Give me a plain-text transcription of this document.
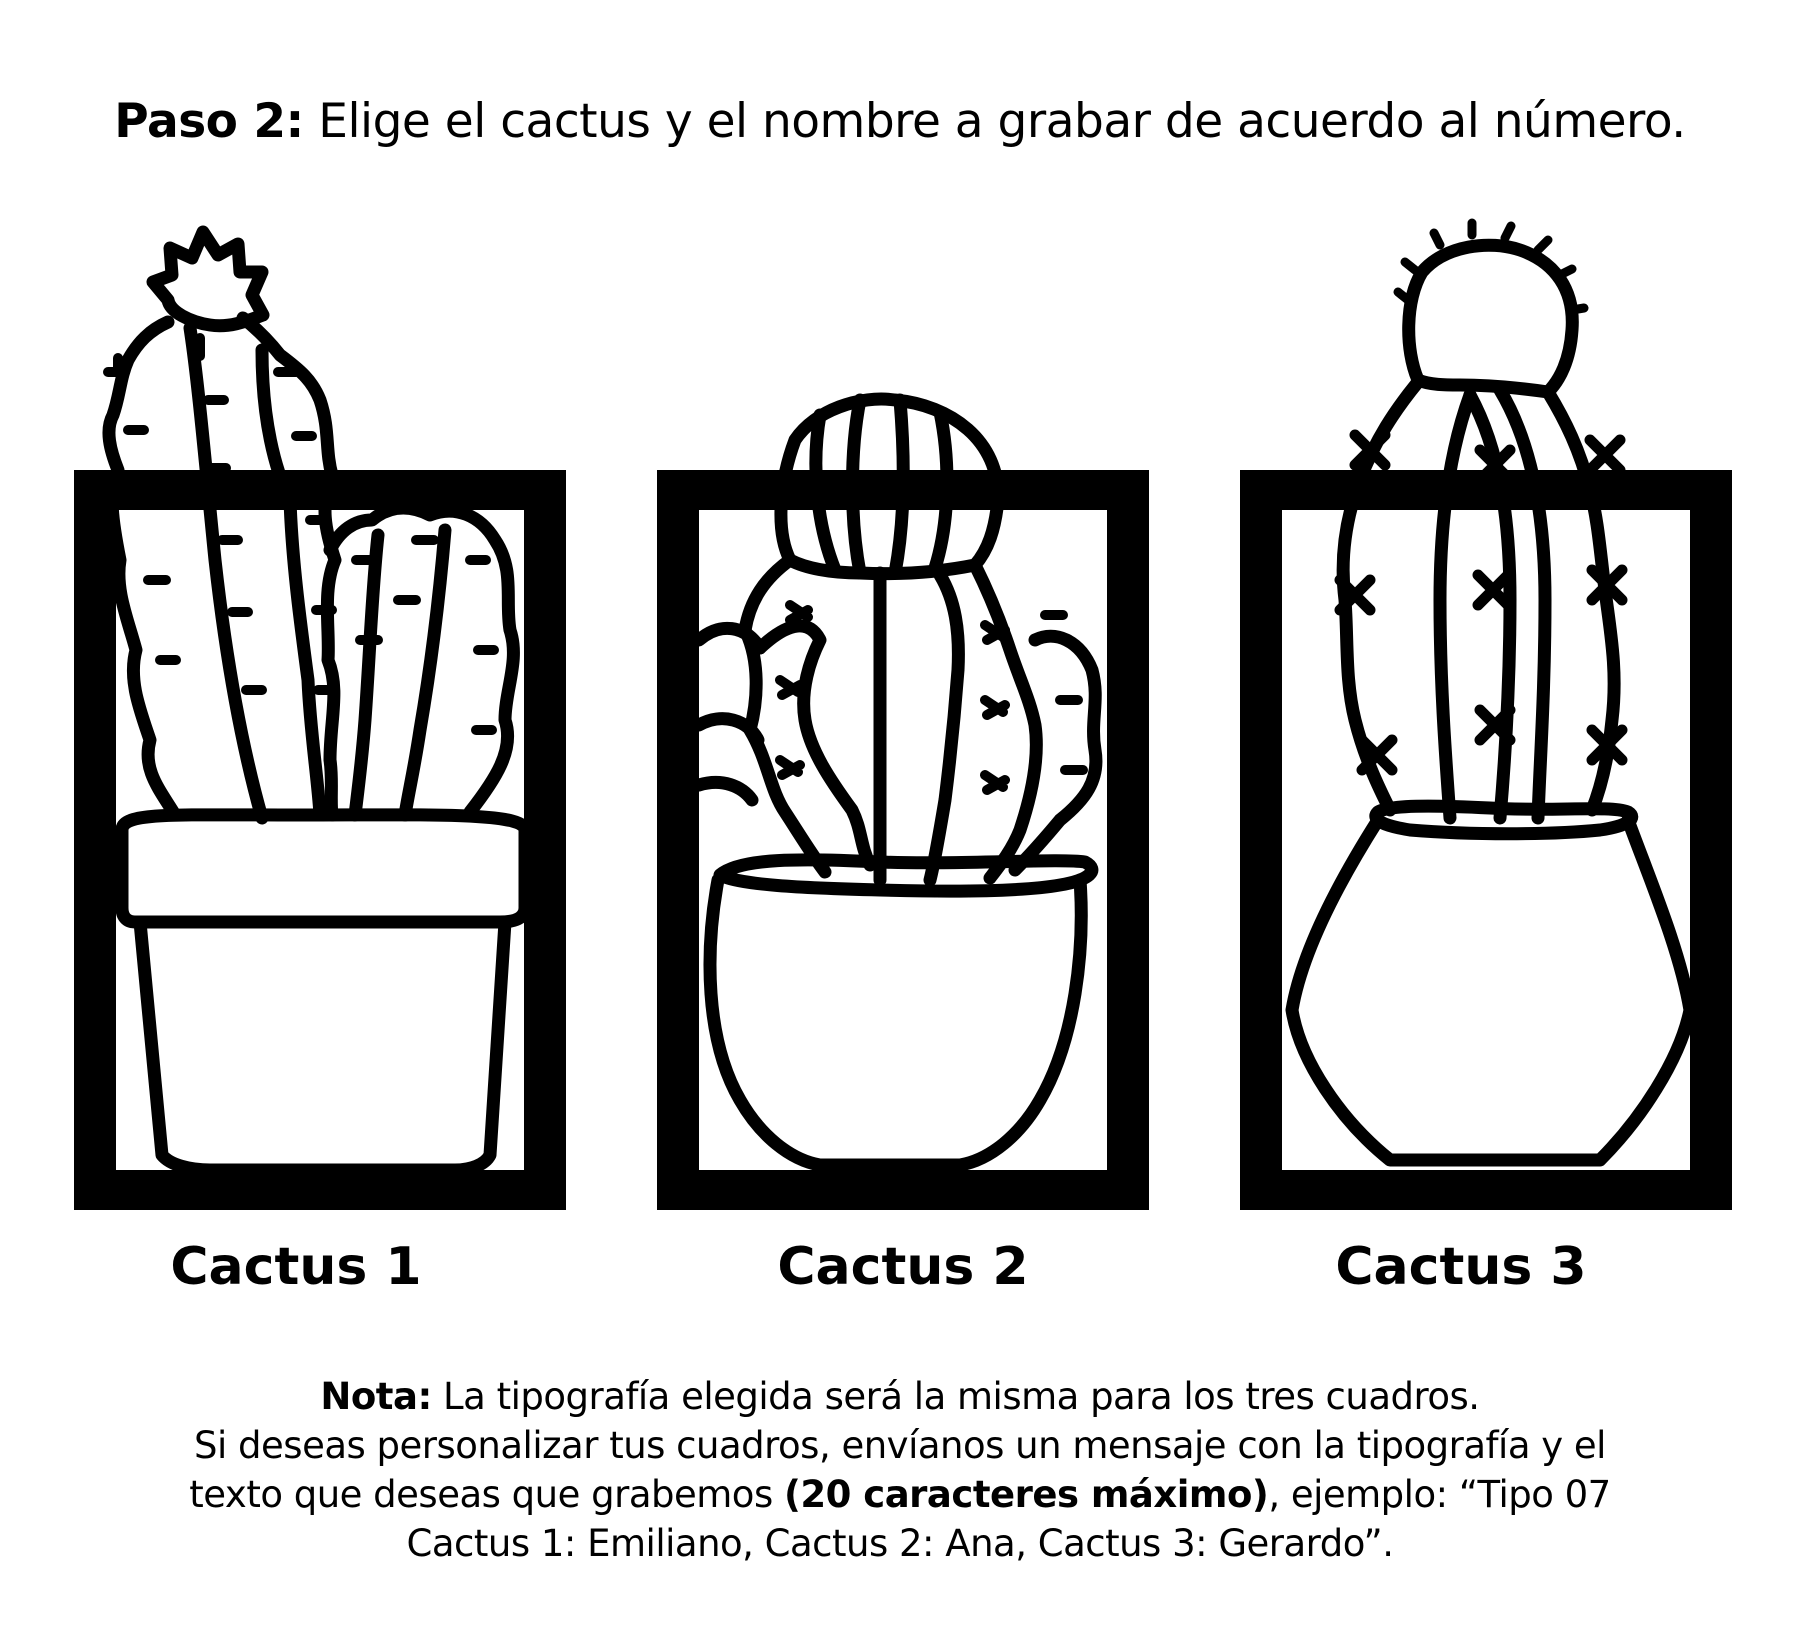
Paso 2: Elige el cactus y el nombre a grabar de acuerdo al número.
Cactus 1	Cactus 2	Cactus 3
Nota: La tipografía elegida será la misma para los tres cuadros.
Si deseas personalizar tus cuadros, envíanos un mensaje con la tipografía y el
texto que deseas que grabemos (20 caracteres máximo), ejemplo: “Tipo 07
Cactus 1: Emiliano, Cactus 2: Ana, Cactus 3: Gerardo”.
